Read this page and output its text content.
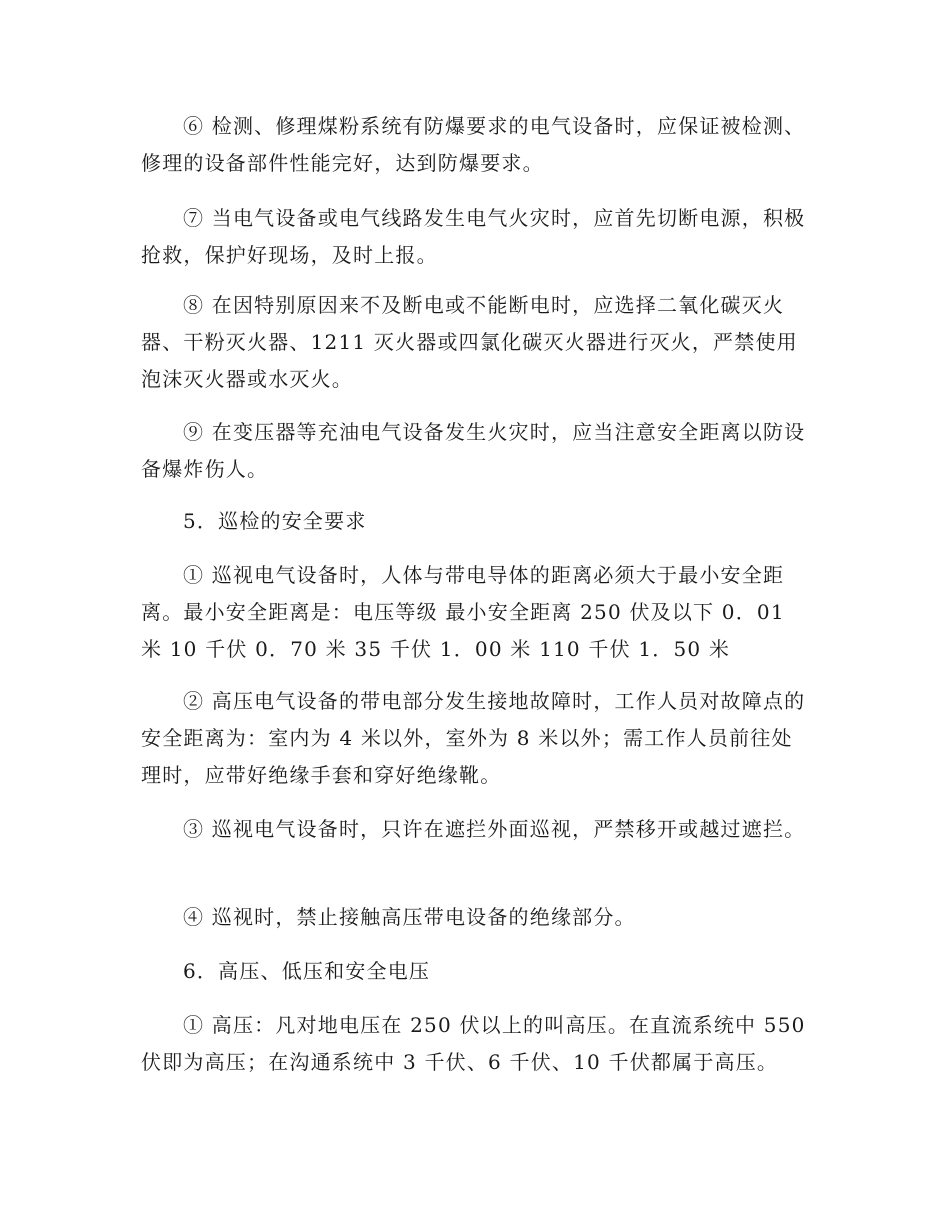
⑥ 检测、修理煤粉系统有防爆要求的电气设备时，应保证被检测、修理的设备部件性能完好，达到防爆要求。

⑦ 当电气设备或电气线路发生电气火灾时，应首先切断电源，积极抢救，保护好现场，及时上报。

⑧ 在因特别原因来不及断电或不能断电时，应选择二氧化碳灭火器、干粉灭火器、1211 灭火器或四氯化碳灭火器进行灭火，严禁使用泡沫灭火器或水灭火。

⑨ 在变压器等充油电气设备发生火灾时，应当注意安全距离以防设备爆炸伤人。

5．巡检的安全要求

① 巡视电气设备时，人体与带电导体的距离必须大于最小安全距离。最小安全距离是：电压等级 最小安全距离 250 伏及以下 0．01 米 10 千伏 0．70 米 35 千伏 1．00 米 110 千伏 1．50 米

② 高压电气设备的带电部分发生接地故障时，工作人员对故障点的安全距离为：室内为 4 米以外，室外为 8 米以外；需工作人员前往处理时，应带好绝缘手套和穿好绝缘靴。

③ 巡视电气设备时，只许在遮拦外面巡视，严禁移开或越过遮拦。

④ 巡视时，禁止接触高压带电设备的绝缘部分。

6．高压、低压和安全电压

① 高压：凡对地电压在 250 伏以上的叫高压。在直流系统中 550 伏即为高压；在沟通系统中 3 千伏、6 千伏、10 千伏都属于高压。
